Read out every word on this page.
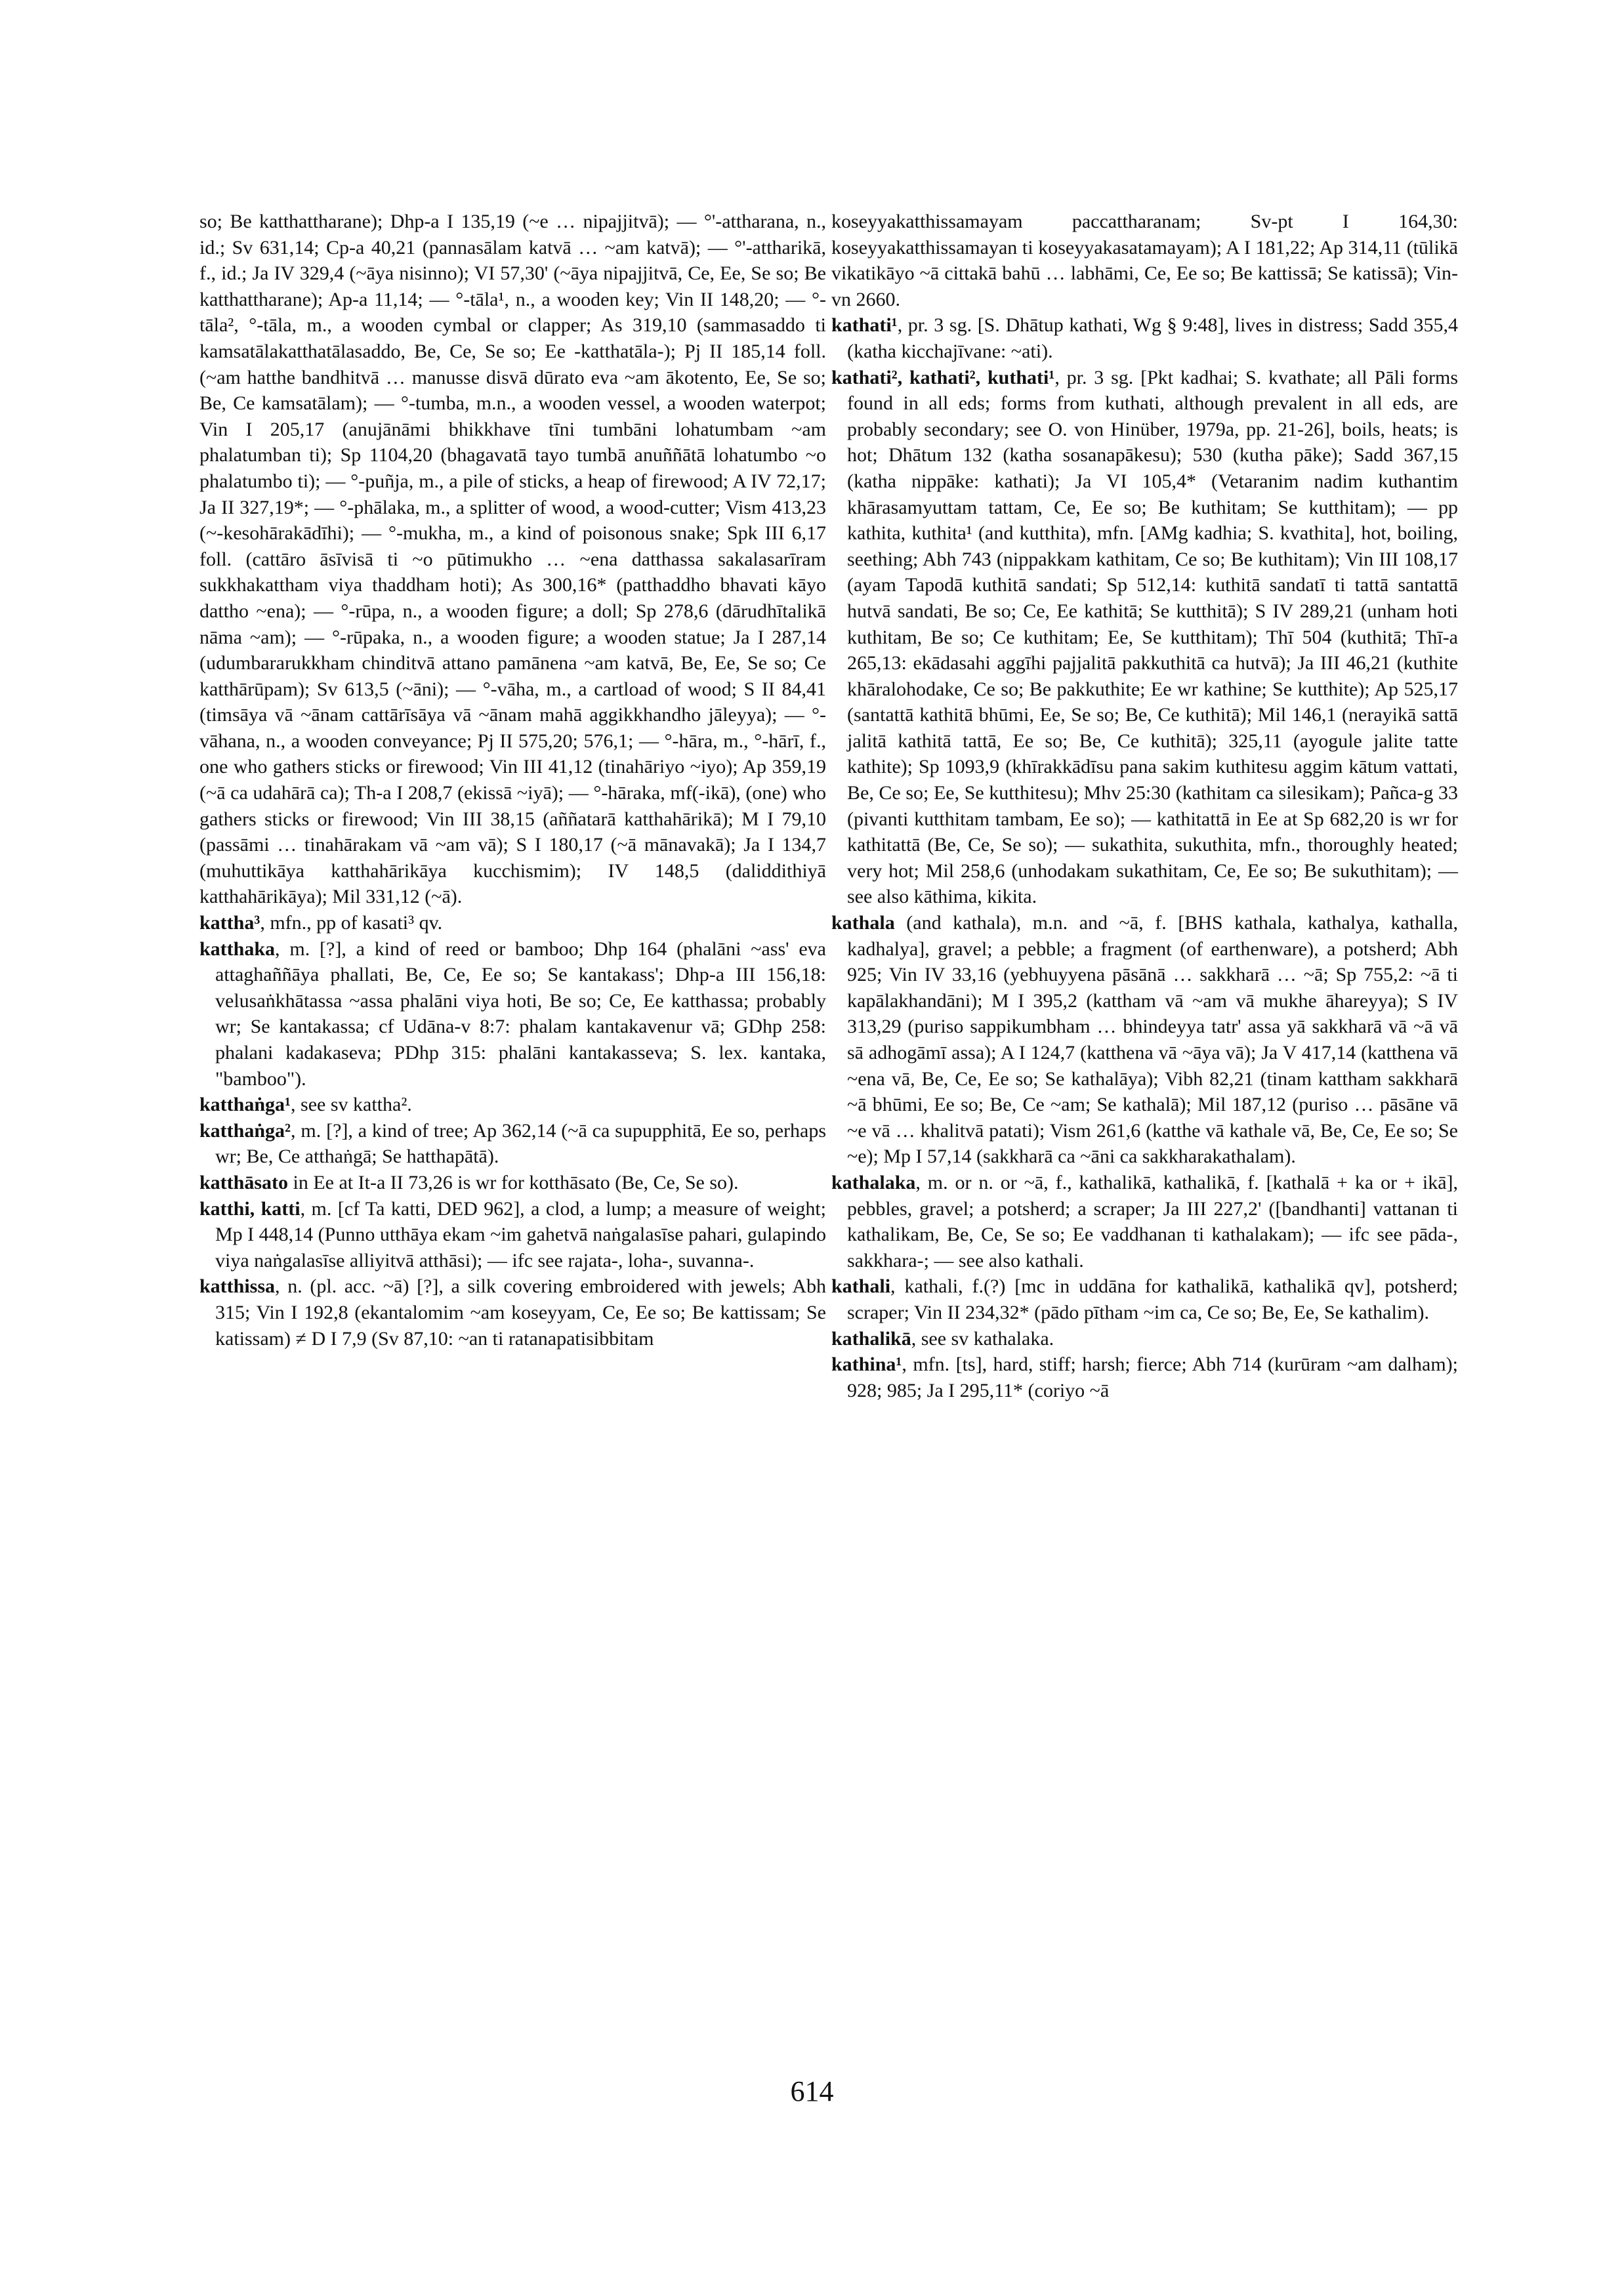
so; Be katthattharane); Dhp-a I 135,19 (~e … nipajjitvā); — °'-attharana, n., id.; Sv 631,14; Cp-a 40,21 (pannasālam katvā … ~am katvā); — °'-attharikā, f., id.; Ja IV 329,4 (~āya nisinno); VI 57,30' (~āya nipajjitvā, Ce, Ee, Se so; Be katthattharane); Ap-a 11,14; — °-tāla¹, n., a wooden key; Vin II 148,20; — °-tāla², °-tāla, m., a wooden cymbal or clapper; As 319,10 (sammasaddo ti kamsatālakatthatālasaddo, Be, Ce, Se so; Ee -katthatāla-); Pj II 185,14 foll. (~am hatthe bandhitvā … manusse disvā dūrato eva ~am ākotento, Ee, Se so; Be, Ce kamsatālam); — °-tumba, m.n., a wooden vessel, a wooden waterpot; Vin I 205,17 (anujānāmi bhikkhave tīni tumbāni lohatumbam ~am phalatumban ti); Sp 1104,20 (bhagavatā tayo tumbā anuññātā lohatumbo ~o phalatumbo ti); — °-puñja, m., a pile of sticks, a heap of firewood; A IV 72,17; Ja II 327,19*; — °-phālaka, m., a splitter of wood, a wood-cutter; Vism 413,23 (~-kesohārakādīhi); — °-mukha, m., a kind of poisonous snake; Spk III 6,17 foll. (cattāro āsīvisā ti ~o pūtimukho … ~ena datthassa sakalasarīram sukkhakattham viya thaddham hoti); As 300,16* (patthaddho bhavati kāyo dattho ~ena); — °-rūpa, n., a wooden figure; a doll; Sp 278,6 (dārudhītalikā nāma ~am); — °-rūpaka, n., a wooden figure; a wooden statue; Ja I 287,14 (udumbararukkham chinditvā attano pamānena ~am katvā, Be, Ee, Se so; Ce katthārūpam); Sv 613,5 (~āni); — °-vāha, m., a cartload of wood; S II 84,41 (timsāya vā ~ānam cattārīsāya vā ~ānam mahā aggikkhandho jāleyya); — °-vāhana, n., a wooden conveyance; Pj II 575,20; 576,1; — °-hāra, m., °-hārī, f., one who gathers sticks or firewood; Vin III 41,12 (tinahāriyo ~iyo); Ap 359,19 (~ā ca udahārā ca); Th-a I 208,7 (ekissā ~iyā); — °-hāraka, mf(-ikā), (one) who gathers sticks or firewood; Vin III 38,15 (aññatarā katthahārikā); M I 79,10 (passāmi … tinahārakam vā ~am vā); S I 180,17 (~ā mānavakā); Ja I 134,7 (muhuttikāya katthahārikāya kucchismim); IV 148,5 (daliddithiyā katthahārikāya); Mil 331,12 (~ā).

kattha³, mfn., pp of kasati³ qv.

katthaka, m. [?], a kind of reed or bamboo; Dhp 164 (phalāni ~ass' eva attaghaññāya phallati, Be, Ce, Ee so; Se kantakass'; Dhp-a III 156,18: velusaṅkhātassa ~assa phalāni viya hoti, Be so; Ce, Ee katthassa; probably wr; Se kantakassa; cf Udāna-v 8:7: phalam kantakavenur vā; GDhp 258: phalani kadakaseva; PDhp 315: phalāni kantakasseva; S. lex. kantaka, "bamboo").

katthaṅga¹, see sv kattha².

katthaṅga², m. [?], a kind of tree; Ap 362,14 (~ā ca supupphitā, Ee so, perhaps wr; Be, Ce atthaṅgā; Se hatthapātā).

katthāsato in Ee at It-a II 73,26 is wr for kotthāsato (Be, Ce, Se so).

katthi, katti, m. [cf Ta katti, DED 962], a clod, a lump; a measure of weight; Mp I 448,14 (Punno utthāya ekam ~im gahetvā naṅgalasīse pahari, gulapindo viya naṅgalasīse alliyitvā atthāsi); — ifc see rajata-, loha-, suvanna-.

katthissa, n. (pl. acc. ~ā) [?], a silk covering embroidered with jewels; Abh 315; Vin I 192,8 (ekantalomim ~am koseyyam, Ce, Ee so; Be kattissam; Se katissam) ≠ D I 7,9 (Sv 87,10: ~an ti ratanapatisibbitam

koseyyakatthissamayam paccattharanam; Sv-pt I 164,30: koseyyakatthissamayan ti koseyyakasatamayam); A I 181,22; Ap 314,11 (tūlikā vikatikāyo ~ā cittakā bahū … labhāmi, Ce, Ee so; Be kattissā; Se katissā); Vin-vn 2660.

kathati¹, pr. 3 sg. [S. Dhātup kathati, Wg § 9:48], lives in distress; Sadd 355,4 (katha kicchajīvane: ~ati).

kathati², kathati², kuthati¹, pr. 3 sg. [Pkt kadhai; S. kvathate; all Pāli forms found in all eds; forms from kuthati, although prevalent in all eds, are probably secondary; see O. von Hinüber, 1979a, pp. 21-26], boils, heats; is hot; Dhātum 132 (katha sosanapākesu); 530 (kutha pāke); Sadd 367,15 (katha nippāke: kathati); Ja VI 105,4* (Vetaranim nadim kuthantim khārasamyuttam tattam, Ce, Ee so; Be kuthitam; Se kutthitam); — pp kathita, kuthita¹ (and kutthita), mfn. [AMg kadhia; S. kvathita], hot, boiling, seething; Abh 743 (nippakkam kathitam, Ce so; Be kuthitam); Vin III 108,17 (ayam Tapodā kuthitā sandati; Sp 512,14: kuthitā sandatī ti tattā santattā hutvā sandati, Be so; Ce, Ee kathitā; Se kutthitā); S IV 289,21 (unham hoti kuthitam, Be so; Ce kuthitam; Ee, Se kutthitam); Thī 504 (kuthitā; Thī-a 265,13: ekādasahi aggīhi pajjalitā pakkuthitā ca hutvā); Ja III 46,21 (kuthite khāralohodake, Ce so; Be pakkuthite; Ee wr kathine; Se kutthite); Ap 525,17 (santattā kathitā bhūmi, Ee, Se so; Be, Ce kuthitā); Mil 146,1 (nerayikā sattā jalitā kathitā tattā, Ee so; Be, Ce kuthitā); 325,11 (ayogule jalite tatte kathite); Sp 1093,9 (khīrakkādīsu pana sakim kuthitesu aggim kātum vattati, Be, Ce so; Ee, Se kutthitesu); Mhv 25:30 (kathitam ca silesikam); Pañca-g 33 (pivanti kutthitam tambam, Ee so); — kathitattā in Ee at Sp 682,20 is wr for kathitattā (Be, Ce, Se so); — sukathita, sukuthita, mfn., thoroughly heated; very hot; Mil 258,6 (unhodakam sukathitam, Ce, Ee so; Be sukuthitam); — see also kāthima, kikita.

kathala (and kathala), m.n. and ~ā, f. [BHS kathala, kathalya, kathalla, kadhalya], gravel; a pebble; a fragment (of earthenware), a potsherd; Abh 925; Vin IV 33,16 (yebhuyyena pāsānā … sakkharā … ~ā; Sp 755,2: ~ā ti kapālakhandāni); M I 395,2 (kattham vā ~am vā mukhe āhareyya); S IV 313,29 (puriso sappikumbham … bhindeyya tatr' assa yā sakkharā vā ~ā vā sā adhogāmī assa); A I 124,7 (katthena vā ~āya vā); Ja V 417,14 (katthena vā ~ena vā, Be, Ce, Ee so; Se kathalāya); Vibh 82,21 (tinam kattham sakkharā ~ā bhūmi, Ee so; Be, Ce ~am; Se kathalā); Mil 187,12 (puriso … pāsāne vā ~e vā … khalitvā patati); Vism 261,6 (katthe vā kathale vā, Be, Ce, Ee so; Se ~e); Mp I 57,14 (sakkharā ca ~āni ca sakkharakathalam).

kathalaka, m. or n. or ~ā, f., kathalikā, kathalikā, f. [kathalā + ka or + ikā], pebbles, gravel; a potsherd; a scraper; Ja III 227,2' ([bandhanti] vattanan ti kathalikam, Be, Ce, Se so; Ee vaddhanan ti kathalakam); — ifc see pāda-, sakkhara-; — see also kathali.

kathali, kathali, f.(?) [mc in uddāna for kathalikā, kathalikā qv], potsherd; scraper; Vin II 234,32* (pādo pītham ~im ca, Ce so; Be, Ee, Se kathalim).

kathalikā, see sv kathalaka.

kathina¹, mfn. [ts], hard, stiff; harsh; fierce; Abh 714 (kurūram ~am dalham); 928; 985; Ja I 295,11* (coriyo ~ā

614
